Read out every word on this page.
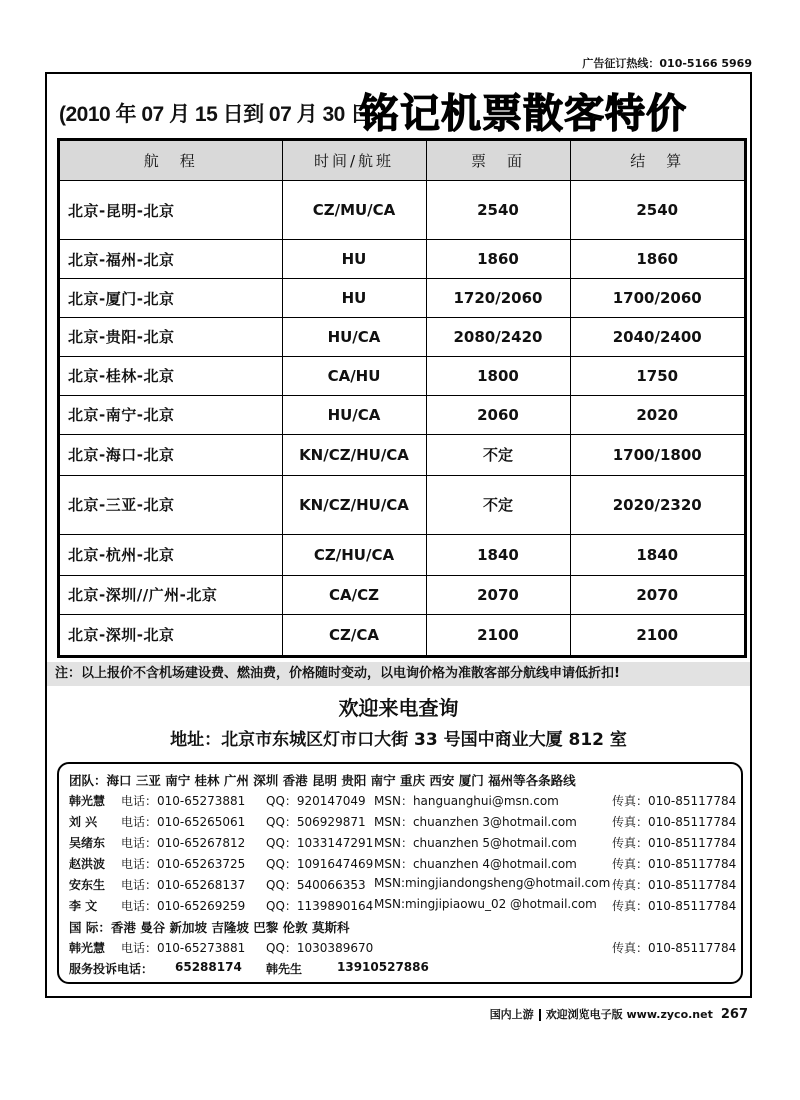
广告征订热线：010-5166 5969
(2010 年 07 月 15 日到 07 月 30 日
铭记机票散客特价
航　程	时间/航班	票　面	结　算
北京-昆明-北京	CZ/MU/CA	2540	2540
北京-福州-北京	HU	1860	1860
北京-厦门-北京	HU	1720/2060	1700/2060
北京-贵阳-北京	HU/CA	2080/2420	2040/2400
北京-桂林-北京	CA/HU	1800	1750
北京-南宁-北京	HU/CA	2060	2020
北京-海口-北京	KN/CZ/HU/CA	不定	1700/1800
北京-三亚-北京	KN/CZ/HU/CA	不定	2020/2320
北京-杭州-北京	CZ/HU/CA	1840	1840
北京-深圳//广州-北京	CA/CZ	2070	2070
北京-深圳-北京	CZ/CA	2100	2100
注：以上报价不含机场建设费、燃油费，价格随时变动，以电询价格为准散客部分航线申请低折扣!
欢迎来电查询
地址：北京市东城区灯市口大街 33 号国中商业大厦 812 室
团队：海口 三亚 南宁 桂林 广州 深圳 香港 昆明 贵阳 南宁 重庆 西安 厦门 福州等各条路线
韩光慧 电话：010-65273881 QQ：920147049 MSN：hanguanghui@msn.com	传真：010-85117784
刘 兴 电话：010-65265061 QQ：506929871 MSN：chuanzhen 3@hotmail.com	传真：010-85117784
吴绪东 电话：010-65267812 QQ：1033147291 MSN：chuanzhen 5@hotmail.com	传真：010-85117784
赵洪波 电话：010-65263725 QQ：1091647469 MSN：chuanzhen 4@hotmail.com	传真：010-85117784
安东生 电话：010-65268137 QQ：540066353 MSN:mingjiandongsheng@hotmail.com 传真：010-85117784
李 文 电话：010-65269259 QQ：1139890164 MSN:mingjipiaowu_02 @hotmail.com 传真：010-85117784
国 际：香港 曼谷 新加坡 吉隆坡 巴黎 伦敦 莫斯科
韩光慧 电话：010-65273881 QQ：1030389670	传真：010-85117784
服务投诉电话： 65288174 韩先生	13910527886
国内上游 欢迎浏览电子版 www.zyco.net 267
